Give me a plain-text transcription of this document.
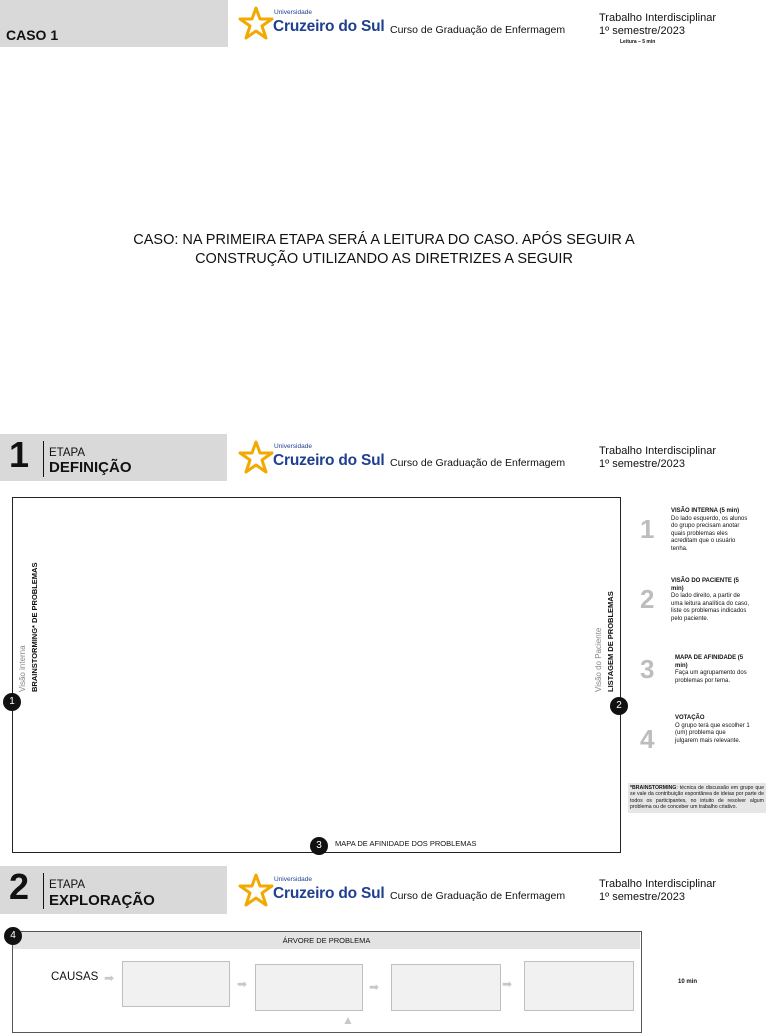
CASO 1
Universidade
Cruzeiro do Sul Curso de Graduação de Enfermagem
Trabalho Interdisciplinar
1º semestre/2023
Leitura – 5 min
CASO: NA PRIMEIRA ETAPA SERÁ A LEITURA DO CASO. APÓS SEGUIR A
CONSTRUÇÃO UTILIZANDO AS DIRETRIZES A SEGUIR
1 ETAPA
DEFINIÇÃO
Universidade
Cruzeiro do Sul Curso de Graduação de Enfermagem
Trabalho Interdisciplinar
1º semestre/2023
Visão interna BRAINSTORMING* DE PROBLEMAS	Visão do Paciente LISTAGEM DE PROBLEMAS
1	2
3	MAPA DE AFINIDADE DOS PROBLEMAS
1
VISÃO INTERNA (5 min)
Do lado esquerdo, os alunos do grupo precisam anotar quais problemas eles acreditam que o usuário tenha.
2
VISÃO DO PACIENTE (5 min)
Do lado direito, a partir de uma leitura analítica do caso, liste os problemas indicados pelo paciente.
3	MAPA DE AFINIDADE (5 min)
Faça um agrupamento dos problemas por tema.
4
VOTAÇÃO
O grupo terá que escolher 1 (um) problema que julgarem mais relevante.
*BRAINSTORMING: técnica de discussão em grupo que se vale da contribuição espontânea de ideias por parte de todos os participantes, no intuito de resolver algum problema ou de conceber um trabalho criativo.
2 ETAPA
EXPLORAÇÃO
Universidade
Cruzeiro do Sul Curso de Graduação de Enfermagem
Trabalho Interdisciplinar
1º semestre/2023
ÁRVORE DE PROBLEMA
4
CAUSAS ➡	➡	➡	➡
▲
10 min
